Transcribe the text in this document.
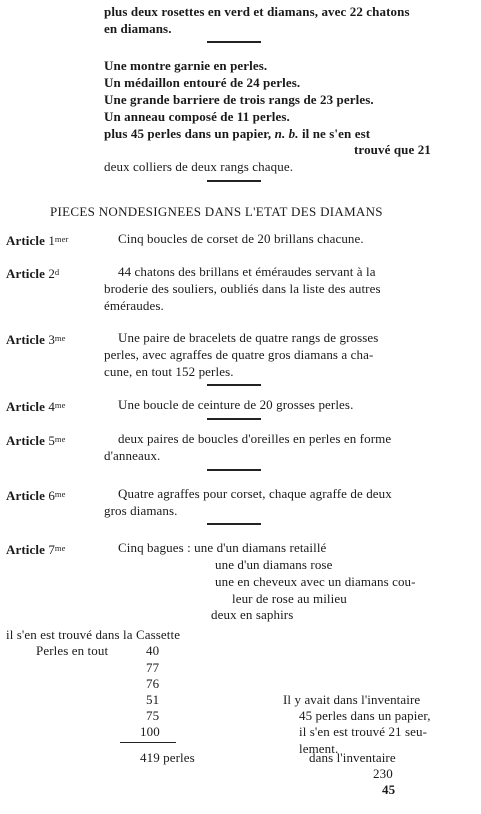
plus deux rosettes en verd et diamans, avec 22 chatons
en diamans.
Une montre garnie en perles.
Un médaillon entouré de 24 perles.
Une grande barriere de trois rangs de 23 perles.
Un anneau composé de 11 perles.
plus 45 perles dans un papier, n. b. il ne s'en est
trouvé que 21
deux colliers de deux rangs chaque.
PIECES NONDESIGNEES DANS L'ETAT DES DIAMANS
Article $1^{mer}$	Cinq boucles de corset de 20 brillans chacune.
Article 2$^d$	44 chatons des brillans et éméraudes servant à la
broderie des souliers, oubliés dans la liste des autres
éméraudes.
Article $3^{me}$	Une paire de bracelets de quatre rangs de grosses
perles, avec agraffes de quatre gros diamans a cha-
cune, en tout 152 perles.
Article $4^{me}$	Une boucle de ceinture de 20 grosses perles.
Article $5^{me}$	deux paires de boucles d'oreilles en perles en forme
d'anneaux.
Article $6^{me}$	Quatre agraffes pour corset, chaque agraffe de deux
gros diamans.
Article $7^{me}$	Cinq bagues : une d'un diamans retaillé
une d'un diamans rose
une en cheveux avec un diamans cou-
leur de rose au milieu
deux en saphirs
il s'en est trouvé dans la Cassette
Perles en tout	40
77
76
51
75
100
419 perles
Il y avait dans l'inventaire
45 perles dans un papier,
il s'en est trouvé 21 seu-
lement.
dans l'inventaire
230
45
